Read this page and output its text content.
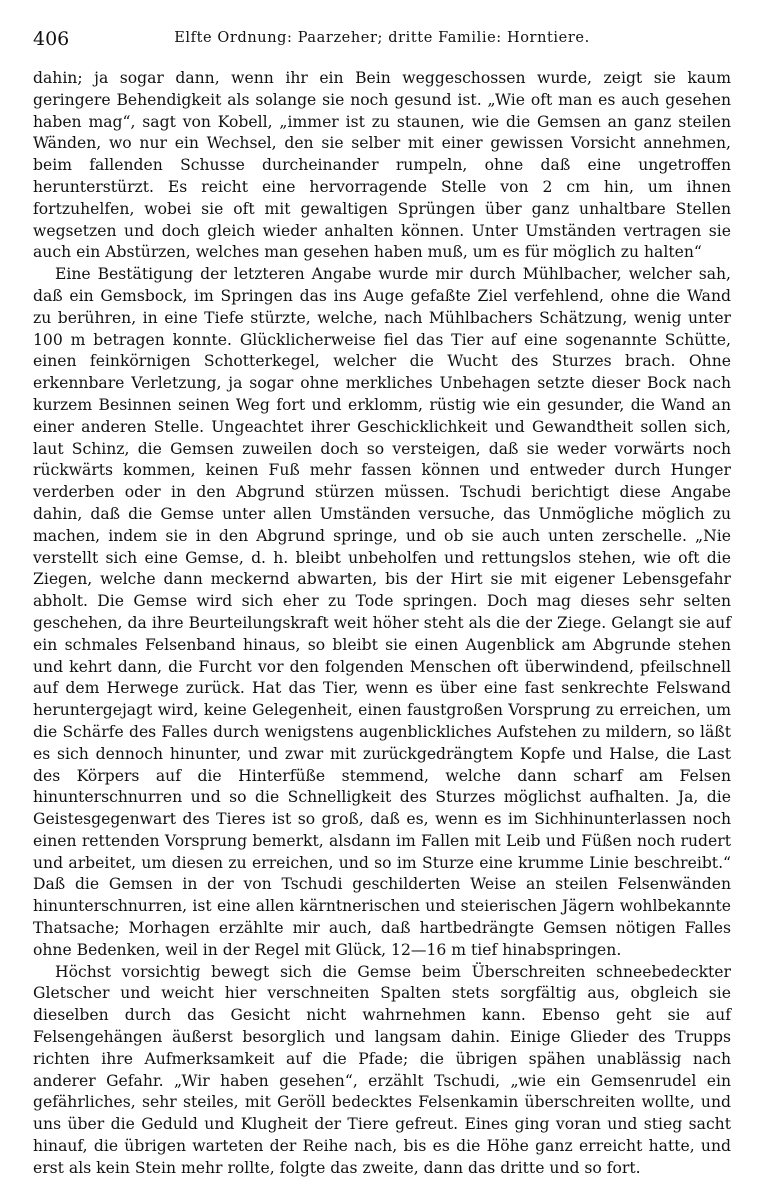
406	Elfte Ordnung: Paarzeher; dritte Familie: Horntiere.

dahin; ja sogar dann, wenn ihr ein Bein weggeschossen wurde, zeigt sie kaum geringere Behendigkeit als solange sie noch gesund ist. „Wie oft man es auch gesehen haben mag“, sagt von Kobell, „immer ist zu staunen, wie die Gemsen an ganz steilen Wänden, wo nur ein Wechsel, den sie selber mit einer gewissen Vorsicht annehmen, beim fallenden Schusse durcheinander rumpeln, ohne daß eine ungetroffen herunterstürzt. Es reicht eine hervorragende Stelle von 2 cm hin, um ihnen fortzuhelfen, wobei sie oft mit gewaltigen Sprüngen über ganz unhaltbare Stellen wegsetzen und doch gleich wieder anhalten können. Unter Umständen vertragen sie auch ein Abstürzen, welches man gesehen haben muß, um es für möglich zu halten“

Eine Bestätigung der letzteren Angabe wurde mir durch Mühlbacher, welcher sah, daß ein Gemsbock, im Springen das ins Auge gefaßte Ziel verfehlend, ohne die Wand zu berühren, in eine Tiefe stürzte, welche, nach Mühlbachers Schätzung, wenig unter 100 m betragen konnte. Glücklicherweise fiel das Tier auf eine sogenannte Schütte, einen feinkörnigen Schotterkegel, welcher die Wucht des Sturzes brach. Ohne erkennbare Verletzung, ja sogar ohne merkliches Unbehagen setzte dieser Bock nach kurzem Besinnen seinen Weg fort und erklomm, rüstig wie ein gesunder, die Wand an einer anderen Stelle. Ungeachtet ihrer Geschicklichkeit und Gewandtheit sollen sich, laut Schinz, die Gemsen zuweilen doch so versteigen, daß sie weder vorwärts noch rückwärts kommen, keinen Fuß mehr fassen können und entweder durch Hunger verderben oder in den Abgrund stürzen müssen. Tschudi berichtigt diese Angabe dahin, daß die Gemse unter allen Umständen versuche, das Unmögliche möglich zu machen, indem sie in den Abgrund springe, und ob sie auch unten zerschelle. „Nie verstellt sich eine Gemse, d. h. bleibt unbeholfen und rettungslos stehen, wie oft die Ziegen, welche dann meckernd abwarten, bis der Hirt sie mit eigener Lebensgefahr abholt. Die Gemse wird sich eher zu Tode springen. Doch mag dieses sehr selten geschehen, da ihre Beurteilungskraft weit höher steht als die der Ziege. Gelangt sie auf ein schmales Felsenband hinaus, so bleibt sie einen Augenblick am Abgrunde stehen und kehrt dann, die Furcht vor den folgenden Menschen oft überwindend, pfeilschnell auf dem Herwege zurück. Hat das Tier, wenn es über eine fast senkrechte Felswand heruntergejagt wird, keine Gelegenheit, einen faustgroßen Vorsprung zu erreichen, um die Schärfe des Falles durch wenigstens augenblickliches Aufstehen zu mildern, so läßt es sich dennoch hinunter, und zwar mit zurückgedrängtem Kopfe und Halse, die Last des Körpers auf die Hinterfüße stemmend, welche dann scharf am Felsen hinunterschnurren und so die Schnelligkeit des Sturzes möglichst aufhalten. Ja, die Geistesgegenwart des Tieres ist so groß, daß es, wenn es im Sichhinunterlassen noch einen rettenden Vorsprung bemerkt, alsdann im Fallen mit Leib und Füßen noch rudert und arbeitet, um diesen zu erreichen, und so im Sturze eine krumme Linie beschreibt.“ Daß die Gemsen in der von Tschudi geschilderten Weise an steilen Felsenwänden hinunterschnurren, ist eine allen kärntnerischen und steierischen Jägern wohlbekannte Thatsache; Morhagen erzählte mir auch, daß hartbedrängte Gemsen nötigen Falles ohne Bedenken, weil in der Regel mit Glück, 12—16 m tief hinabspringen.

Höchst vorsichtig bewegt sich die Gemse beim Überschreiten schneebedeckter Gletscher und weicht hier verschneiten Spalten stets sorgfältig aus, obgleich sie dieselben durch das Gesicht nicht wahrnehmen kann. Ebenso geht sie auf Felsengehängen äußerst besorglich und langsam dahin. Einige Glieder des Trupps richten ihre Aufmerksamkeit auf die Pfade; die übrigen spähen unablässig nach anderer Gefahr. „Wir haben gesehen“, erzählt Tschudi, „wie ein Gemsenrudel ein gefährliches, sehr steiles, mit Geröll bedecktes Felsenkamin überschreiten wollte, und uns über die Geduld und Klugheit der Tiere gefreut. Eines ging voran und stieg sacht hinauf, die übrigen warteten der Reihe nach, bis es die Höhe ganz erreicht hatte, und erst als kein Stein mehr rollte, folgte das zweite, dann das dritte und so fort.
